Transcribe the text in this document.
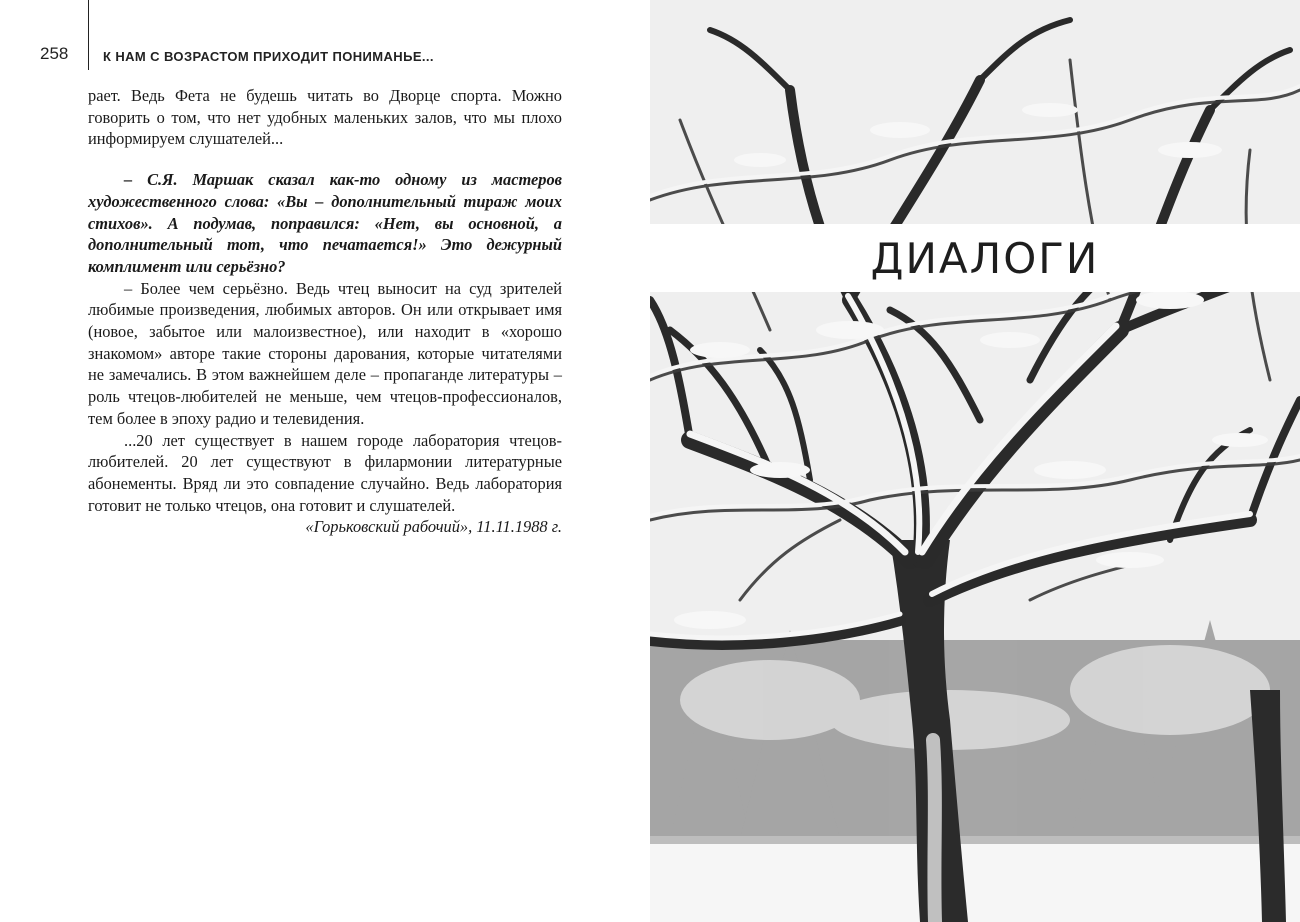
258	К НАМ С ВОЗРАСТОМ ПРИХОДИТ ПОНИМАНЬЕ...

рает. Ведь Фета не будешь читать во Дворце спорта. Можно говорить о том, что нет удобных маленьких залов, что мы плохо информируем слушателей...

– С.Я. Маршак сказал как-то одному из мастеров художественного слова: «Вы – дополнительный тираж моих стихов». А подумав, поправился: «Нет, вы основной, а дополнительный тот, что печатается!» Это дежурный комплимент или серьёзно?

– Более чем серьёзно. Ведь чтец выносит на суд зрителей любимые произведения, любимых авторов. Он или открывает имя (новое, забытое или малоизвестное), или находит в «хорошо знакомом» авторе такие стороны дарования, которые читателями не замечались. В этом важнейшем деле – пропаганде литературы – роль чтецов-любителей не меньше, чем чтецов-профессионалов, тем более в эпоху радио и телевидения.

...20 лет существует в нашем городе лаборатория чтецов-любителей. 20 лет существуют в филармонии литературные абонементы. Вряд ли это совпадение случайно. Ведь лаборатория готовит не только чтецов, она готовит и слушателей.

«Горьковский рабочий», 11.11.1988 г.

ДИАЛОГИ
